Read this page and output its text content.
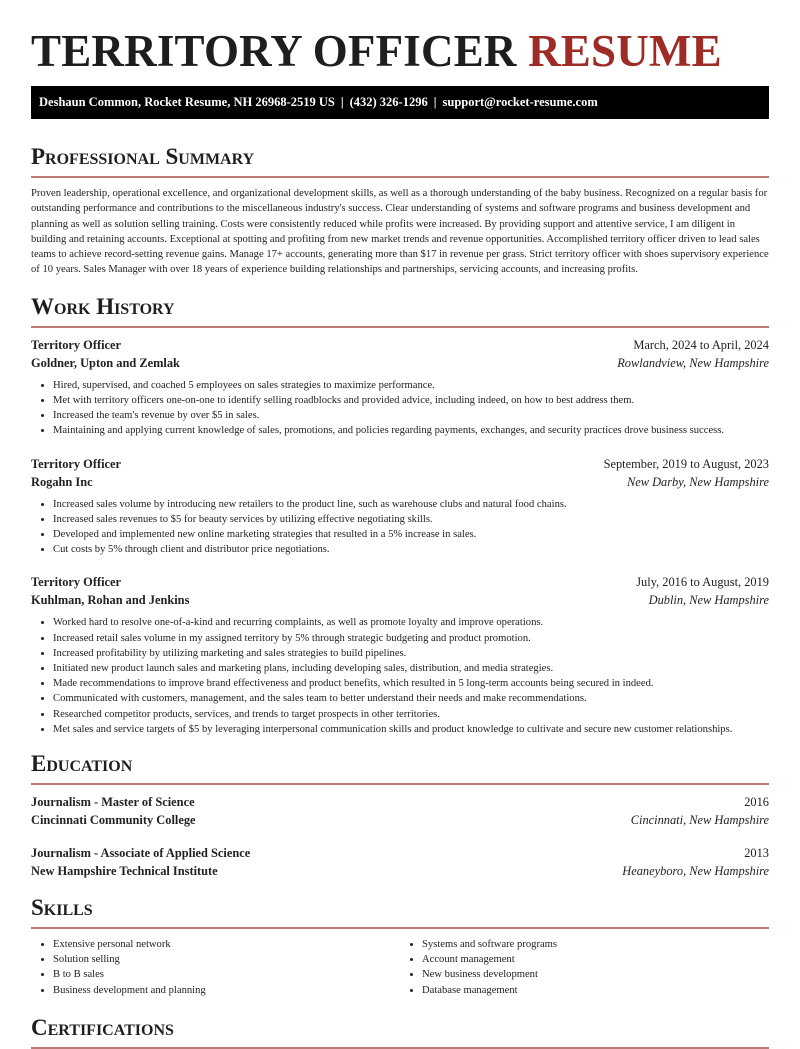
TERRITORY OFFICER RESUME
Deshaun Common, Rocket Resume, NH 26968-2519 US | (432) 326-1296 | support@rocket-resume.com
Professional Summary

Proven leadership, operational excellence, and organizational development skills, as well as a thorough understanding of the baby business. Recognized on a regular basis for outstanding performance and contributions to the miscellaneous industry's success. Clear understanding of systems and software programs and business development and planning as well as solution selling training. Costs were consistently reduced while profits were increased. By providing support and attentive service, I am diligent in building and retaining accounts. Exceptional at spotting and profiting from new market trends and revenue opportunities. Accomplished territory officer driven to lead sales teams to achieve record-setting revenue gains. Manage 17+ accounts, generating more than $17 in revenue per grass. Strict territory officer with shoes supervisory experience of 10 years. Sales Manager with over 18 years of experience building relationships and partnerships, servicing accounts, and increasing profits.

Work History
Territory Officer	March, 2024 to April, 2024
Goldner, Upton and Zemlak	Rowlandview, New Hampshire
• Hired, supervised, and coached 5 employees on sales strategies to maximize performance.
• Met with territory officers one-on-one to identify selling roadblocks and provided advice, including indeed, on how to best address them.
• Increased the team's revenue by over $5 in sales.
• Maintaining and applying current knowledge of sales, promotions, and policies regarding payments, exchanges, and security practices drove business success.
Territory Officer	September, 2019 to August, 2023
Rogahn Inc	New Darby, New Hampshire
• Increased sales volume by introducing new retailers to the product line, such as warehouse clubs and natural food chains.
• Increased sales revenues to $5 for beauty services by utilizing effective negotiating skills.
• Developed and implemented new online marketing strategies that resulted in a 5% increase in sales.
• Cut costs by 5% through client and distributor price negotiations.
Territory Officer	July, 2016 to August, 2019
Kuhlman, Rohan and Jenkins	Dublin, New Hampshire
• Worked hard to resolve one-of-a-kind and recurring complaints, as well as promote loyalty and improve operations.
• Increased retail sales volume in my assigned territory by 5% through strategic budgeting and product promotion.
• Increased profitability by utilizing marketing and sales strategies to build pipelines.
• Initiated new product launch sales and marketing plans, including developing sales, distribution, and media strategies.
• Made recommendations to improve brand effectiveness and product benefits, which resulted in 5 long-term accounts being secured in indeed.
• Communicated with customers, management, and the sales team to better understand their needs and make recommendations.
• Researched competitor products, services, and trends to target prospects in other territories.
• Met sales and service targets of $5 by leveraging interpersonal communication skills and product knowledge to cultivate and secure new customer relationships.
Education
Journalism - Master of Science	2016
Cincinnati Community College	Cincinnati, New Hampshire
Journalism - Associate of Applied Science	2013
New Hampshire Technical Institute	Heaneyboro, New Hampshire
Skills
• Extensive personal network
• Solution selling
• B to B sales
• Business development and planning
• Systems and software programs
• Account management
• New business development
• Database management
Certifications
